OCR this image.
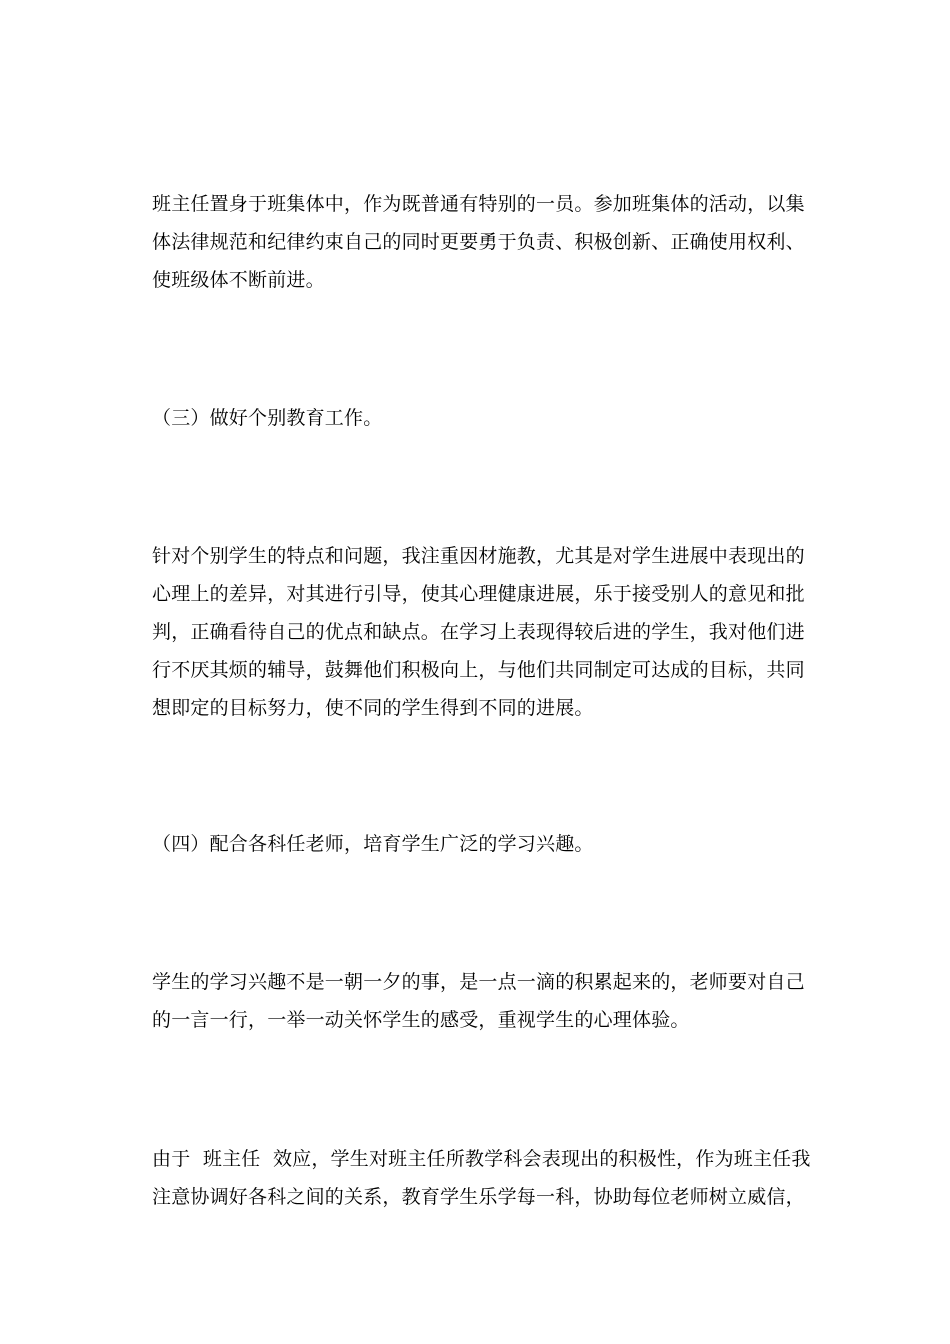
班主任置身于班集体中，作为既普通有特别的一员。参加班集体的活动，以集体法律规范和纪律约束自己的同时更要勇于负责、积极创新、正确使用权利、使班级体不断前进。

（三）做好个别教育工作。

针对个别学生的特点和问题，我注重因材施教，尤其是对学生进展中表现出的心理上的差异，对其进行引导，使其心理健康进展，乐于接受别人的意见和批判，正确看待自己的优点和缺点。在学习上表现得较后进的学生，我对他们进行不厌其烦的辅导，鼓舞他们积极向上，与他们共同制定可达成的目标，共同想即定的目标努力，使不同的学生得到不同的进展。

（四）配合各科任老师，培育学生广泛的学习兴趣。

学生的学习兴趣不是一朝一夕的事，是一点一滴的积累起来的，老师要对自己的一言一行，一举一动关怀学生的感受，重视学生的心理体验。

由于  班主任  效应，学生对班主任所教学科会表现出的积极性，作为班主任我注意协调好各科之间的关系，教育学生乐学每一科，协助每位老师树立威信，
